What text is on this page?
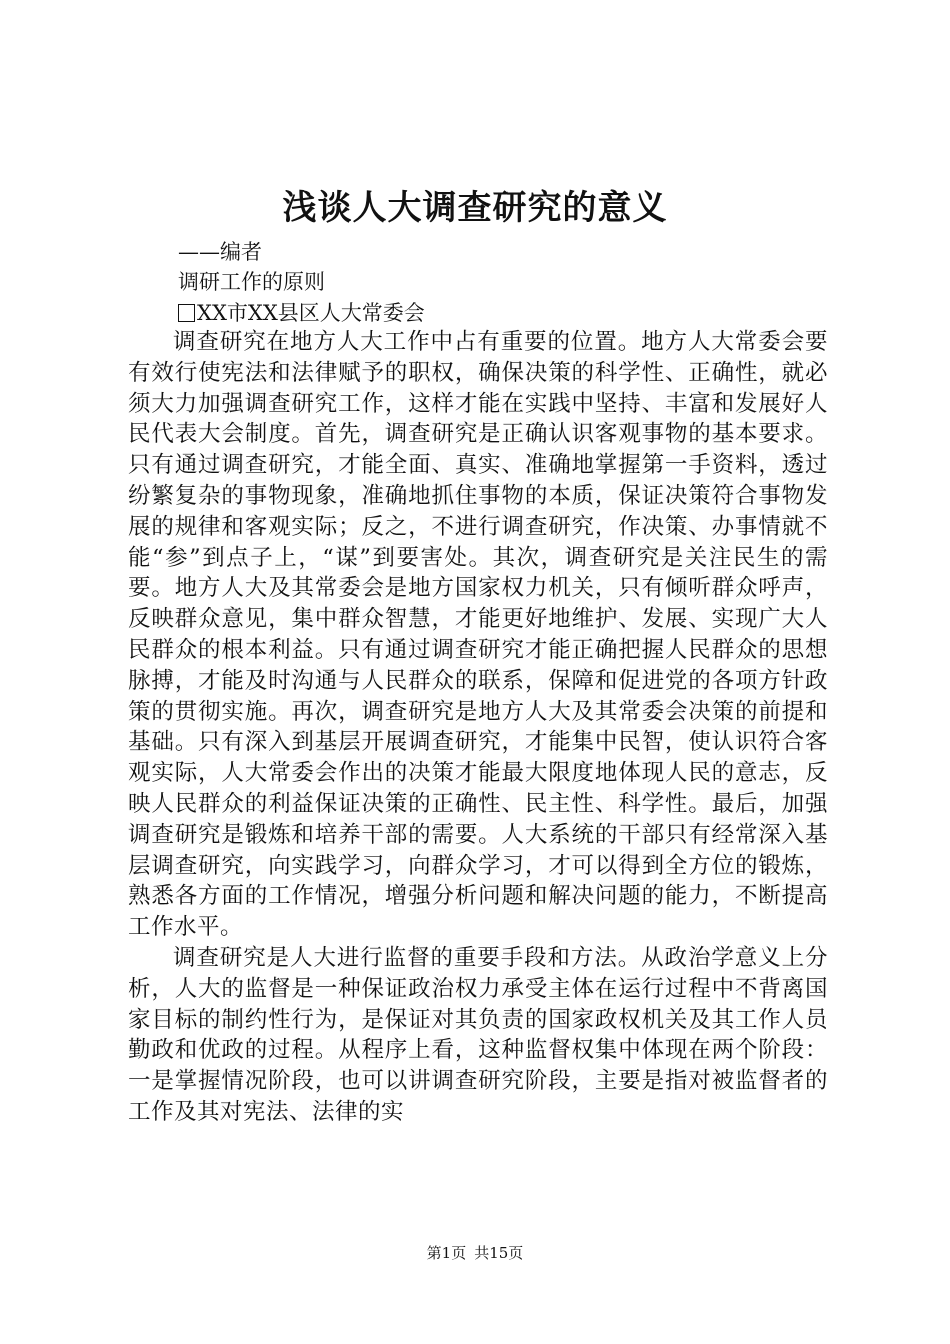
浅谈人大调查研究的意义
——编者
调研工作的原则
XX市XX县区人大常委会

调查研究在地方人大工作中占有重要的位置。地方人大常委会要有效行使宪法和法律赋予的职权，确保决策的科学性、正确性，就必须大力加强调查研究工作，这样才能在实践中坚持、丰富和发展好人民代表大会制度。首先，调查研究是正确认识客观事物的基本要求。只有通过调查研究，才能全面、真实、准确地掌握第一手资料，透过纷繁复杂的事物现象，准确地抓住事物的本质，保证决策符合事物发展的规律和客观实际；反之，不进行调查研究，作决策、办事情就不能“参”到点子上，“谋”到要害处。其次，调查研究是关注民生的需要。地方人大及其常委会是地方国家权力机关，只有倾听群众呼声，反映群众意见，集中群众智慧，才能更好地维护、发展、实现广大人民群众的根本利益。只有通过调查研究才能正确把握人民群众的思想脉搏，才能及时沟通与人民群众的联系，保障和促进党的各项方针政策的贯彻实施。再次，调查研究是地方人大及其常委会决策的前提和基础。只有深入到基层开展调查研究，才能集中民智，使认识符合客观实际，人大常委会作出的决策才能最大限度地体现人民的意志，反映人民群众的利益保证决策的正确性、民主性、科学性。最后，加强调查研究是锻炼和培养干部的需要。人大系统的干部只有经常深入基层调查研究，向实践学习，向群众学习，才可以得到全方位的锻炼，熟悉各方面的工作情况，增强分析问题和解决问题的能力，不断提高工作水平。

调查研究是人大进行监督的重要手段和方法。从政治学意义上分析，人大的监督是一种保证政治权力承受主体在运行过程中不背离国家目标的制约性行为，是保证对其负责的国家政权机关及其工作人员勤政和优政的过程。从程序上看，这种监督权集中体现在两个阶段：一是掌握情况阶段，也可以讲调查研究阶段，主要是指对被监督者的工作及其对宪法、法律的实

第1页 共15页
